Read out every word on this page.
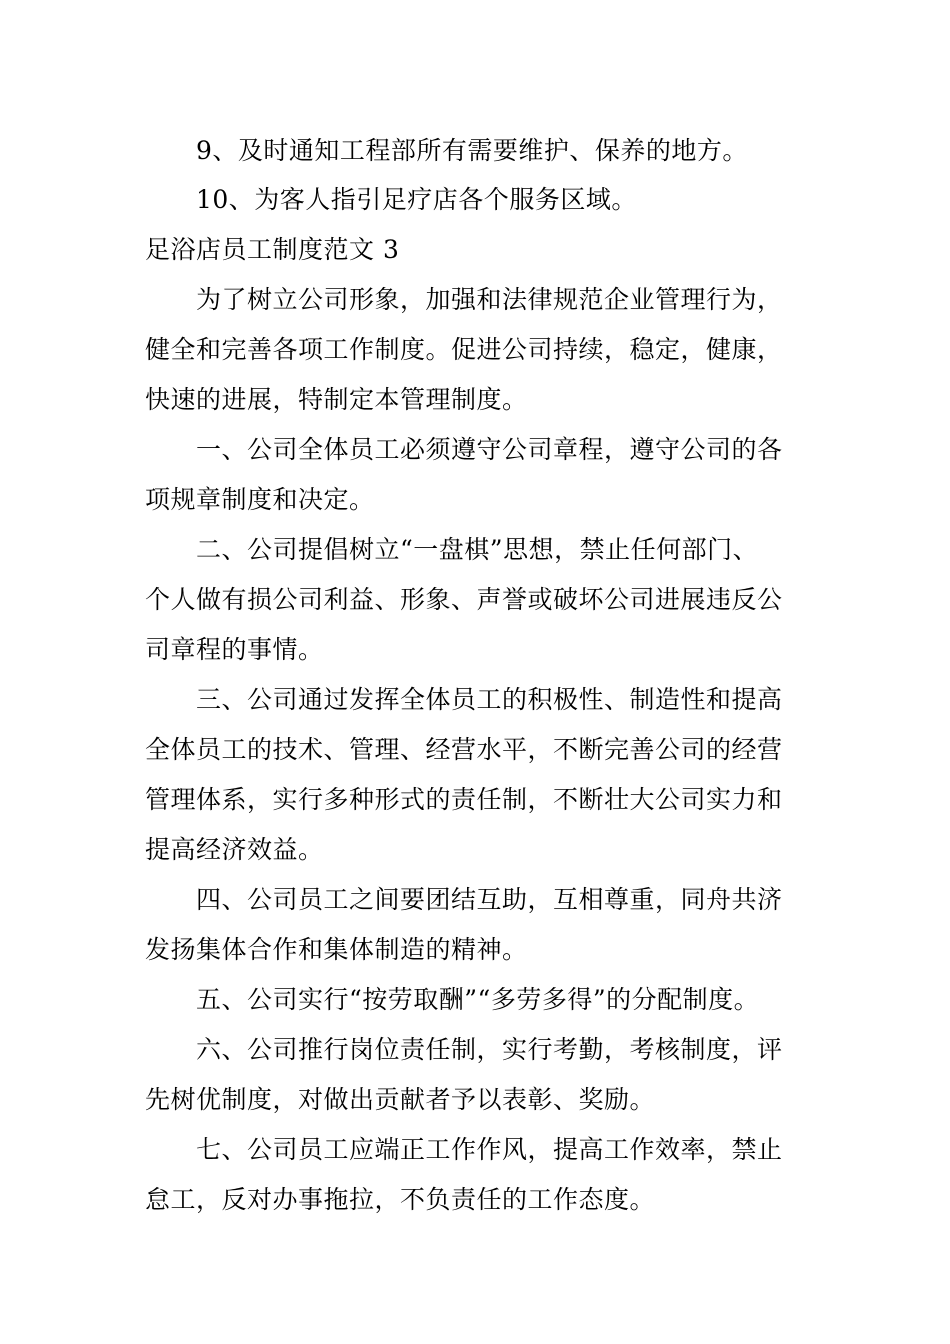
9、及时通知工程部所有需要维护、保养的地方。
10、为客人指引足疗店各个服务区域。
足浴店员工制度范文 3
为了树立公司形象，加强和法律规范企业管理行为，
健全和完善各项工作制度。促进公司持续，稳定，健康，
快速的进展，特制定本管理制度。
一、公司全体员工必须遵守公司章程，遵守公司的各
项规章制度和决定。
二、公司提倡树立“一盘棋”思想，禁止任何部门、
个人做有损公司利益、形象、声誉或破坏公司进展违反公
司章程的事情。
三、公司通过发挥全体员工的积极性、制造性和提高
全体员工的技术、管理、经营水平，不断完善公司的经营
管理体系，实行多种形式的责任制，不断壮大公司实力和
提高经济效益。
四、公司员工之间要团结互助，互相尊重，同舟共济
发扬集体合作和集体制造的精神。
五、公司实行“按劳取酬”“多劳多得”的分配制度。
六、公司推行岗位责任制，实行考勤，考核制度，评
先树优制度，对做出贡献者予以表彰、奖励。
七、公司员工应端正工作作风，提高工作效率，禁止
怠工，反对办事拖拉，不负责任的工作态度。
